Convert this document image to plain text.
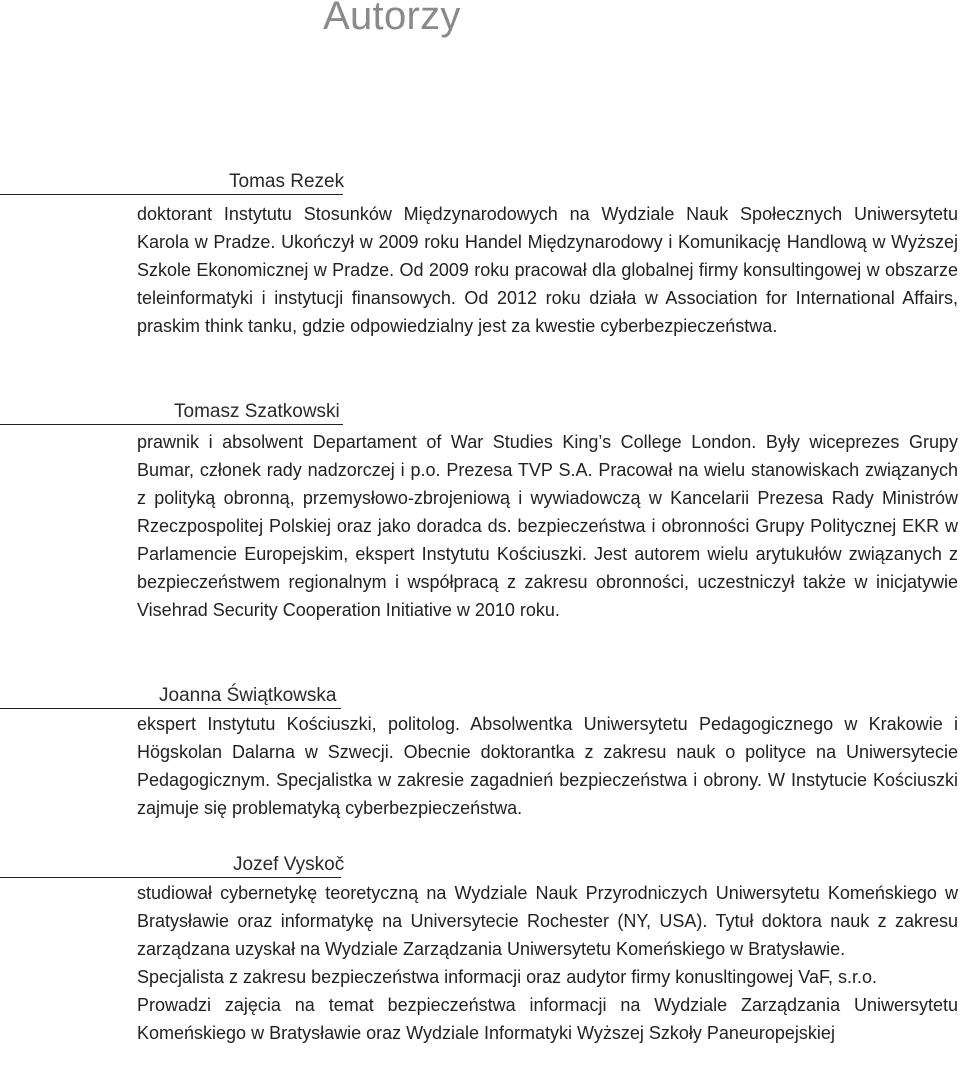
Autorzy
Tomas Rezek

doktorant Instytutu Stosunków Międzynarodowych na Wydziale Nauk Społecznych Uniwersytetu Karola w Pradze. Ukończył w 2009 roku Handel Międzynarodowy i Komunikację Handlową w Wyższej Szkole Ekonomicznej w Pradze. Od 2009 roku pracował dla globalnej firmy konsultingowej w obszarze teleinformatyki i instytucji finansowych. Od 2012 roku działa w Association for International Affairs, praskim think tanku, gdzie odpowiedzialny jest za kwestie cyberbezpieczeństwa.

Tomasz Szatkowski

prawnik i absolwent Departament of War Studies King’s College London. Były wiceprezes Grupy Bumar, członek rady nadzorczej i p.o. Prezesa TVP S.A. Pracował na wielu stanowiskach związanych z polityką obronną, przemysłowo-zbrojeniową i wywiadowczą w Kancelarii Prezesa Rady Ministrów Rzeczpospolitej Polskiej oraz jako doradca ds. bezpieczeństwa i obronności Grupy Politycznej EKR w Parlamencie Europejskim, ekspert Instytutu Kościuszki. Jest autorem wielu arytukułów związanych z bezpieczeństwem regionalnym i współpracą z zakresu obronności, uczestniczył także w inicjatywie Visehrad Security Cooperation Initiative w 2010 roku.

Joanna Świątkowska

ekspert Instytutu Kościuszki, politolog. Absolwentka Uniwersytetu Pedagogicznego w Krakowie i Högskolan Dalarna w Szwecji. Obecnie doktorantka z zakresu nauk o polityce na Uniwersytecie Pedagogicznym. Specjalistka w zakresie zagadnień bezpieczeństwa i obrony. W Instytucie Kościuszki zajmuje się problematyką cyberbezpieczeństwa.

Jozef Vyskoč

studiował cybernetykę teoretyczną na Wydziale Nauk Przyrodniczych Uniwersytetu Komeńskiego w Bratysławie oraz informatykę na Universytecie Rochester (NY, USA). Tytuł doktora nauk z zakresu zarządzana uzyskał na Wydziale Zarządzania Uniwersytetu Komeńskiego w Bratysławie.

Specjalista z zakresu bezpieczeństwa informacji oraz audytor firmy konusltingowej VaF, s.r.o.

Prowadzi zajęcia na temat bezpieczeństwa informacji na Wydziale Zarządzania Uniwersytetu Komeńskiego w Bratysławie oraz Wydziale Informatyki Wyższej Szkoły Paneuropejskiej
